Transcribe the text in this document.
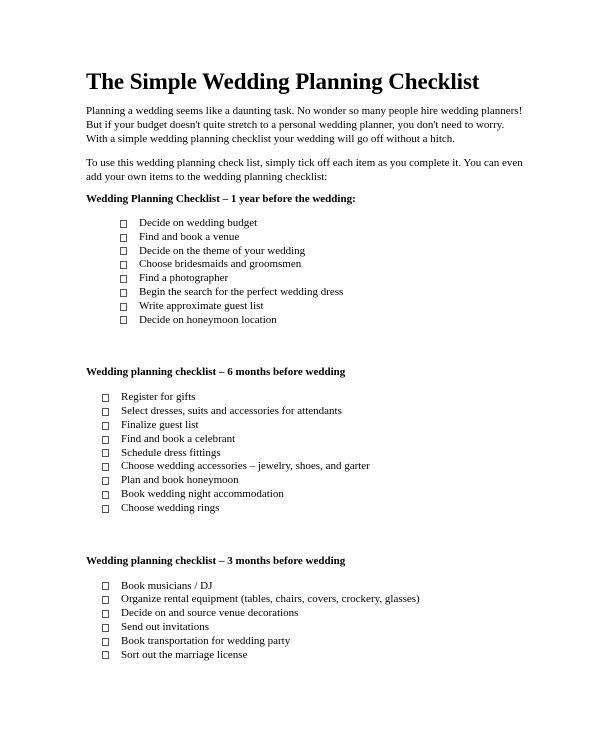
The Simple Wedding Planning Checklist

Planning a wedding seems like a daunting task. No wonder so many people hire wedding planners! But if your budget doesn't quite stretch to a personal wedding planner, you don't need to worry. With a simple wedding planning checklist your wedding will go off without a hitch.

To use this wedding planning check list, simply tick off each item as you complete it. You can even add your own items to the wedding planning checklist:

Wedding Planning Checklist – 1 year before the wedding:

Decide on wedding budget
Find and book a venue
Decide on the theme of your wedding
Choose bridesmaids and groomsmen
Find a photographer
Begin the search for the perfect wedding dress
Write approximate guest list
Decide on honeymoon location

Wedding planning checklist – 6 months before wedding

Register for gifts
Select dresses, suits and accessories for attendants
Finalize guest list
Find and book a celebrant
Schedule dress fittings
Choose wedding accessories – jewelry, shoes, and garter
Plan and book honeymoon
Book wedding night accommodation
Choose wedding rings

Wedding planning checklist – 3 months before wedding

Book musicians / DJ
Organize rental equipment (tables, chairs, covers, crockery, glasses)
Decide on and source venue decorations
Send out invitations
Book transportation for wedding party
Sort out the marriage license
